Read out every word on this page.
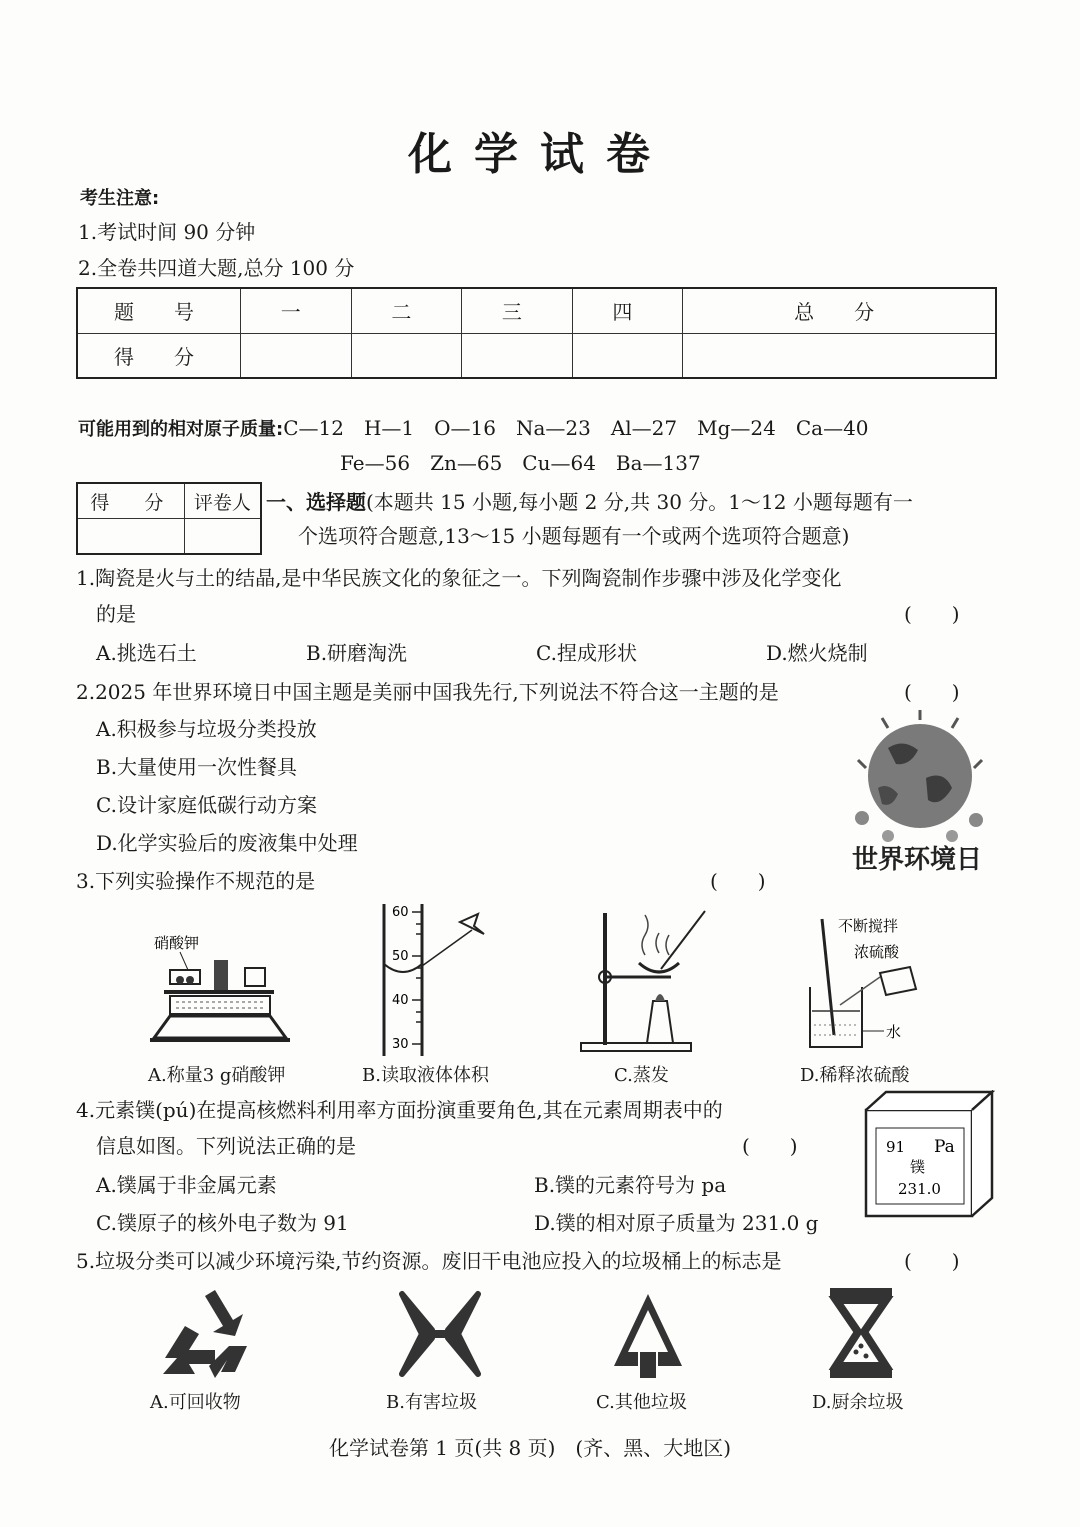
化学试卷
考生注意:
1.考试时间 90 分钟
2.全卷共四道大题,总分 100 分
题　号	一	二	三	四	总　分
得　分					
可能用到的相对原子质量:C—12　H—1　O—16　Na—23　Al—27　Mg—24　Ca—40
Fe—56　Zn—65　Cu—64　Ba—137
得　分	评卷人
	一、选择题(本题共 15 小题,每小题 2 分,共 30 分。1～12 小题每题有一
个选项符合题意,13～15 小题每题有一个或两个选项符合题意)
1.陶瓷是火与土的结晶,是中华民族文化的象征之一。下列陶瓷制作步骤中涉及化学变化
的是	(　　)
A.挑选石土	B.研磨淘洗	C.捏成形状	D.燃火烧制
2.2025 年世界环境日中国主题是美丽中国我先行,下列说法不符合这一主题的是	(　　)
A.积极参与垃圾分类投放
B.大量使用一次性餐具
C.设计家庭低碳行动方案
D.化学实验后的废液集中处理
世界环境日
3.下列实验操作不规范的是	(　　)
硝酸钾
60
50
40
30
不断搅拌
浓硫酸
水
A.称量3 g硝酸钾	B.读取液体体积	C.蒸发	D.稀释浓硫酸
4.元素镤(pú)在提高核燃料利用率方面扮演重要角色,其在元素周期表中的
信息如图。下列说法正确的是	(　　)
A.镤属于非金属元素	B.镤的元素符号为 pa
C.镤原子的核外电子数为 91	D.镤的相对原子质量为 231.0 g
91 Pa
镤
231.0
5.垃圾分类可以减少环境污染,节约资源。废旧干电池应投入的垃圾桶上的标志是	(　　)
A.可回收物	B.有害垃圾	C.其他垃圾	D.厨余垃圾
化学试卷第 1 页(共 8 页)　(齐、黑、大地区)
